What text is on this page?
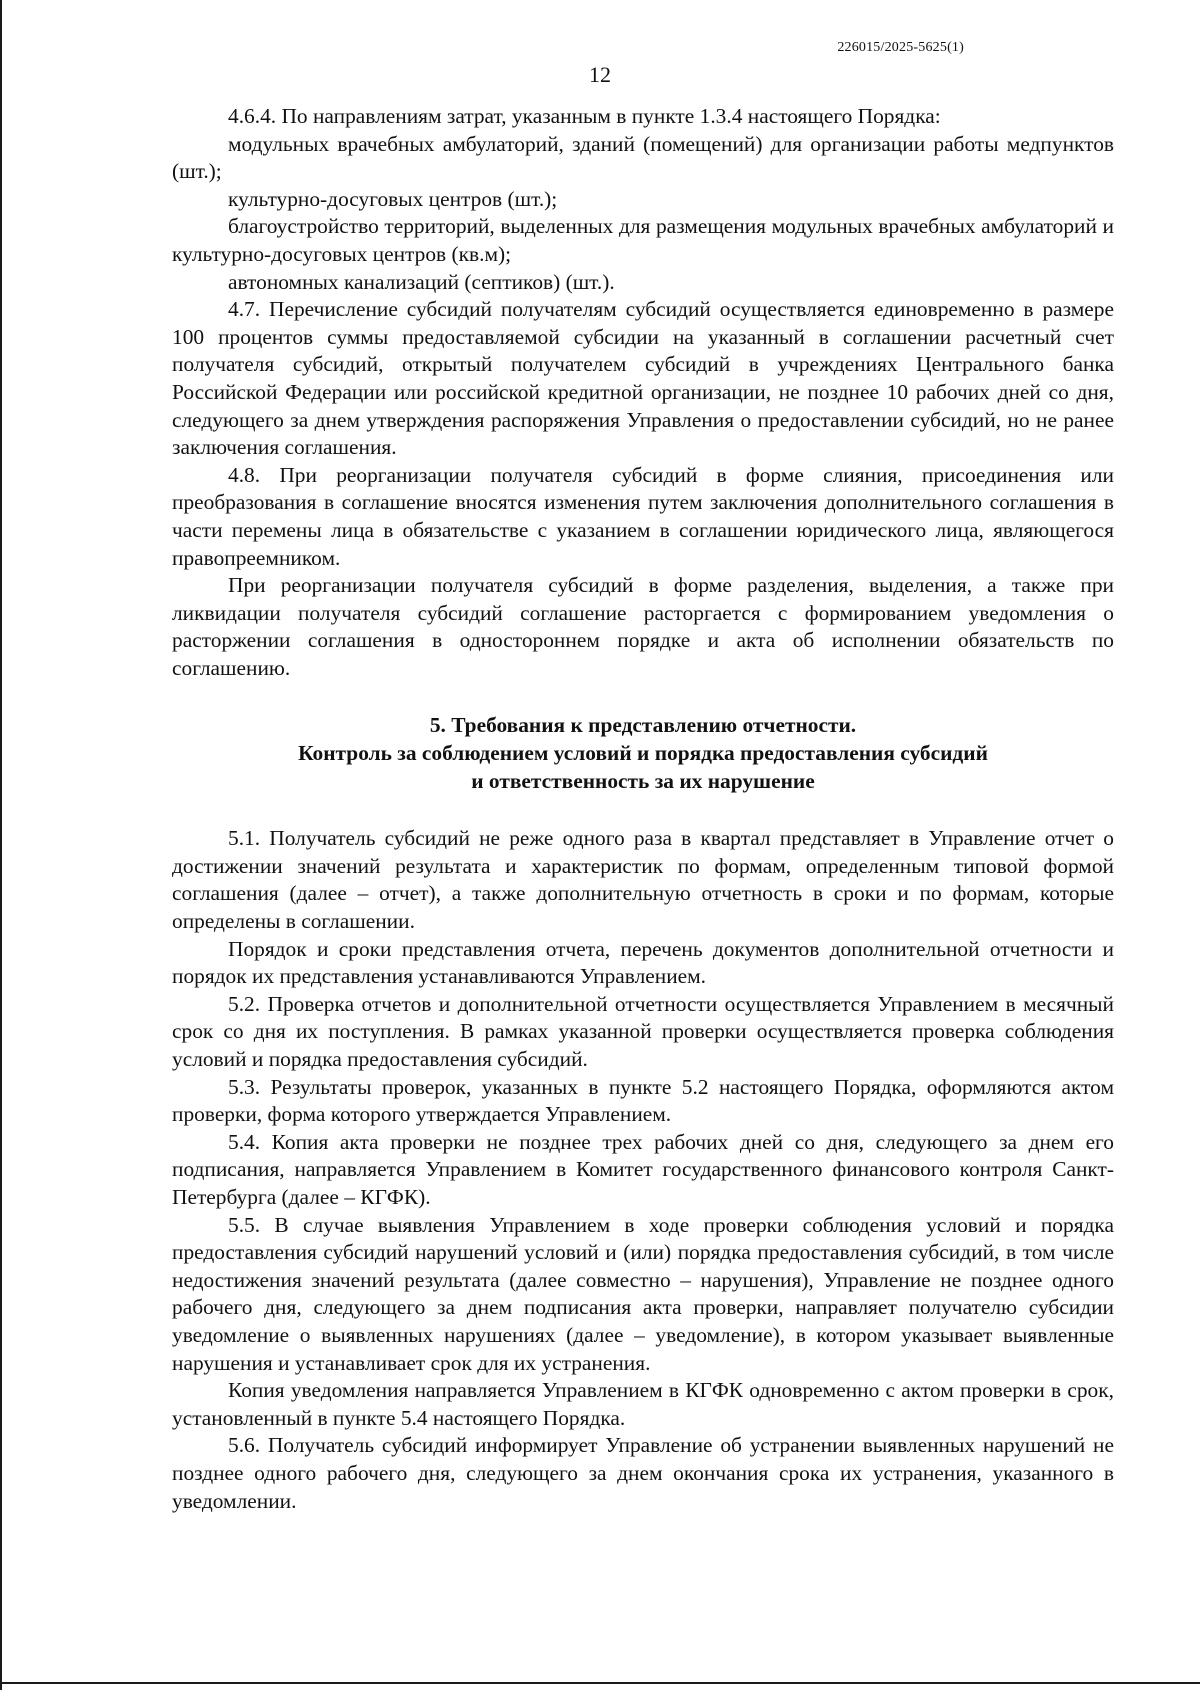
226015/2025-5625(1)
12

4.6.4. По направлениям затрат, указанным в пункте 1.3.4 настоящего Порядка:

модульных врачебных амбулаторий, зданий (помещений) для организации работы медпунктов (шт.);

культурно-досуговых центров (шт.);

благоустройство территорий, выделенных для размещения модульных врачебных амбулаторий и культурно-досуговых центров (кв.м);

автономных канализаций (септиков) (шт.).

4.7. Перечисление субсидий получателям субсидий осуществляется единовременно в размере 100 процентов суммы предоставляемой субсидии на указанный в соглашении расчетный счет получателя субсидий, открытый получателем субсидий в учреждениях Центрального банка Российской Федерации или российской кредитной организации, не позднее 10 рабочих дней со дня, следующего за днем утверждения распоряжения Управления о предоставлении субсидий, но не ранее заключения соглашения.

4.8. При реорганизации получателя субсидий в форме слияния, присоединения или преобразования в соглашение вносятся изменения путем заключения дополнительного соглашения в части перемены лица в обязательстве с указанием в соглашении юридического лица, являющегося правопреемником.

При реорганизации получателя субсидий в форме разделения, выделения, а также при ликвидации получателя субсидий соглашение расторгается с формированием уведомления о расторжении соглашения в одностороннем порядке и акта об исполнении обязательств по соглашению.

5. Требования к представлению отчетности.
Контроль за соблюдением условий и порядка предоставления субсидий
и ответственность за их нарушение

5.1. Получатель субсидий не реже одного раза в квартал представляет в Управление отчет о достижении значений результата и характеристик по формам, определенным типовой формой соглашения (далее – отчет), а также дополнительную отчетность в сроки и по формам, которые определены в соглашении.

Порядок и сроки представления отчета, перечень документов дополнительной отчетности и порядок их представления устанавливаются Управлением.

5.2. Проверка отчетов и дополнительной отчетности осуществляется Управлением в месячный срок со дня их поступления. В рамках указанной проверки осуществляется проверка соблюдения условий и порядка предоставления субсидий.

5.3. Результаты проверок, указанных в пункте 5.2 настоящего Порядка, оформляются актом проверки, форма которого утверждается Управлением.

5.4. Копия акта проверки не позднее трех рабочих дней со дня, следующего за днем его подписания, направляется Управлением в Комитет государственного финансового контроля Санкт-Петербурга (далее – КГФК).

5.5. В случае выявления Управлением в ходе проверки соблюдения условий и порядка предоставления субсидий нарушений условий и (или) порядка предоставления субсидий, в том числе недостижения значений результата (далее совместно – нарушения), Управление не позднее одного рабочего дня, следующего за днем подписания акта проверки, направляет получателю субсидии уведомление о выявленных нарушениях (далее – уведомление), в котором указывает выявленные нарушения и устанавливает срок для их устранения.

Копия уведомления направляется Управлением в КГФК одновременно с актом проверки в срок, установленный в пункте 5.4 настоящего Порядка.

5.6. Получатель субсидий информирует Управление об устранении выявленных нарушений не позднее одного рабочего дня, следующего за днем окончания срока их устранения, указанного в уведомлении.
